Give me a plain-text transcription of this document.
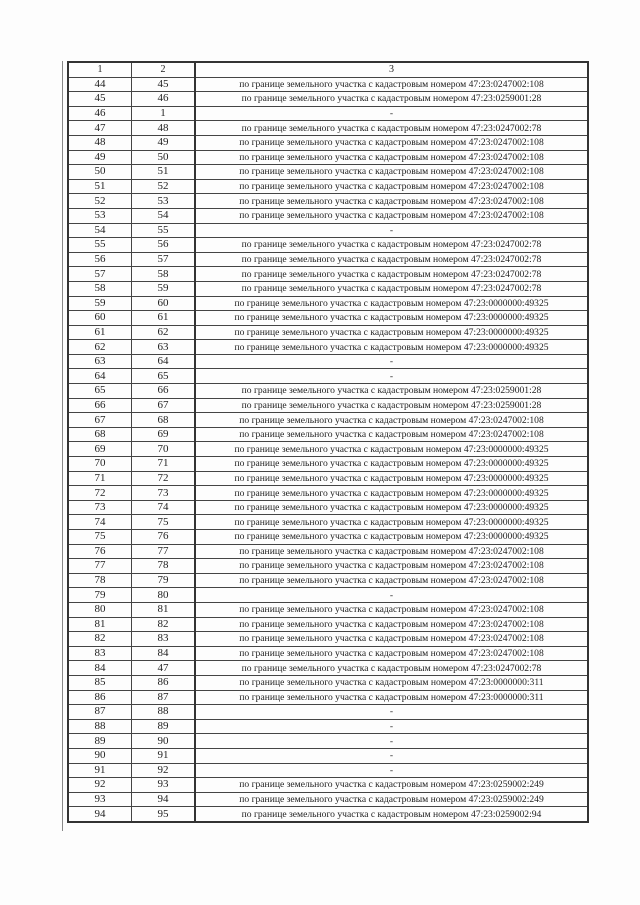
1	2	3
44	45	по границе земельного участка с кадастровым номером 47:23:0247002:108
45	46	по границе земельного участка с кадастровым номером 47:23:0259001:28
46	1	-
47	48	по границе земельного участка с кадастровым номером 47:23:0247002:78
48	49	по границе земельного участка с кадастровым номером 47:23:0247002:108
49	50	по границе земельного участка с кадастровым номером 47:23:0247002:108
50	51	по границе земельного участка с кадастровым номером 47:23:0247002:108
51	52	по границе земельного участка с кадастровым номером 47:23:0247002:108
52	53	по границе земельного участка с кадастровым номером 47:23:0247002:108
53	54	по границе земельного участка с кадастровым номером 47:23:0247002:108
54	55	-
55	56	по границе земельного участка с кадастровым номером 47:23:0247002:78
56	57	по границе земельного участка с кадастровым номером 47:23:0247002:78
57	58	по границе земельного участка с кадастровым номером 47:23:0247002:78
58	59	по границе земельного участка с кадастровым номером 47:23:0247002:78
59	60	по границе земельного участка с кадастровым номером 47:23:0000000:49325
60	61	по границе земельного участка с кадастровым номером 47:23:0000000:49325
61	62	по границе земельного участка с кадастровым номером 47:23:0000000:49325
62	63	по границе земельного участка с кадастровым номером 47:23:0000000:49325
63	64	-
64	65	-
65	66	по границе земельного участка с кадастровым номером 47:23:0259001:28
66	67	по границе земельного участка с кадастровым номером 47:23:0259001:28
67	68	по границе земельного участка с кадастровым номером 47:23:0247002:108
68	69	по границе земельного участка с кадастровым номером 47:23:0247002:108
69	70	по границе земельного участка с кадастровым номером 47:23:0000000:49325
70	71	по границе земельного участка с кадастровым номером 47:23:0000000:49325
71	72	по границе земельного участка с кадастровым номером 47:23:0000000:49325
72	73	по границе земельного участка с кадастровым номером 47:23:0000000:49325
73	74	по границе земельного участка с кадастровым номером 47:23:0000000:49325
74	75	по границе земельного участка с кадастровым номером 47:23:0000000:49325
75	76	по границе земельного участка с кадастровым номером 47:23:0000000:49325
76	77	по границе земельного участка с кадастровым номером 47:23:0247002:108
77	78	по границе земельного участка с кадастровым номером 47:23:0247002:108
78	79	по границе земельного участка с кадастровым номером 47:23:0247002:108
79	80	-
80	81	по границе земельного участка с кадастровым номером 47:23:0247002:108
81	82	по границе земельного участка с кадастровым номером 47:23:0247002:108
82	83	по границе земельного участка с кадастровым номером 47:23:0247002:108
83	84	по границе земельного участка с кадастровым номером 47:23:0247002:108
84	47	по границе земельного участка с кадастровым номером 47:23:0247002:78
85	86	по границе земельного участка с кадастровым номером 47:23:0000000:311
86	87	по границе земельного участка с кадастровым номером 47:23:0000000:311
87	88	-
88	89	-
89	90	-
90	91	-
91	92	-
92	93	по границе земельного участка с кадастровым номером 47:23:0259002:249
93	94	по границе земельного участка с кадастровым номером 47:23:0259002:249
94	95	по границе земельного участка с кадастровым номером 47:23:0259002:94
